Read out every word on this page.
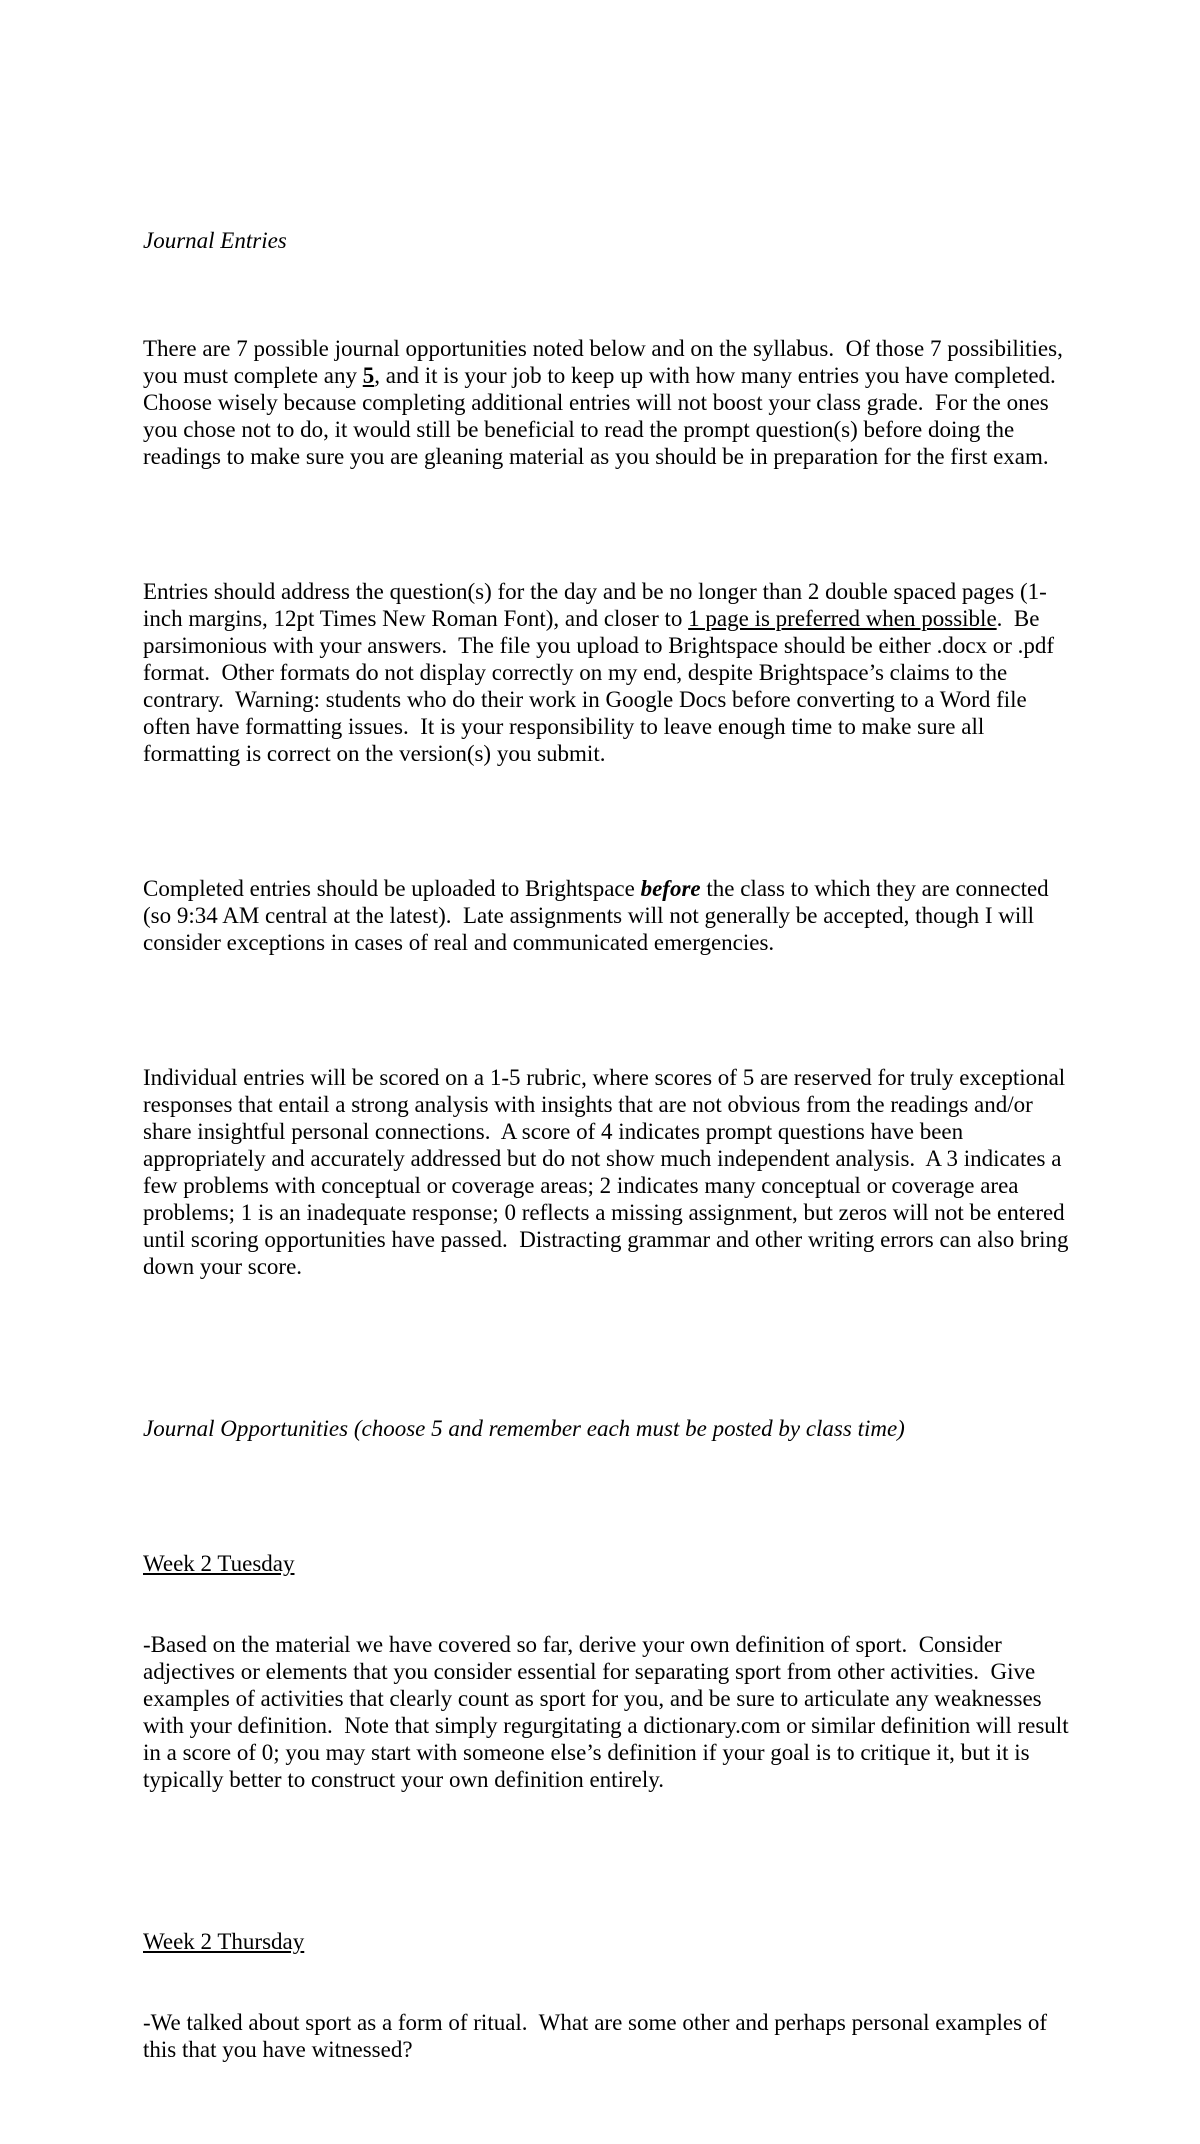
Journal Entries

There are 7 possible journal opportunities noted below and on the syllabus.  Of those 7 possibilities, you must complete any 5, and it is your job to keep up with how many entries you have completed.  Choose wisely because completing additional entries will not boost your class grade.  For the ones you chose not to do, it would still be beneficial to read the prompt question(s) before doing the readings to make sure you are gleaning material as you should be in preparation for the first exam.

Entries should address the question(s) for the day and be no longer than 2 double spaced pages (1-inch margins, 12pt Times New Roman Font), and closer to 1 page is preferred when possible.  Be parsimonious with your answers.  The file you upload to Brightspace should be either .docx or .pdf format.  Other formats do not display correctly on my end, despite Brightspace’s claims to the contrary.  Warning: students who do their work in Google Docs before converting to a Word file often have formatting issues.  It is your responsibility to leave enough time to make sure all formatting is correct on the version(s) you submit.

Completed entries should be uploaded to Brightspace before the class to which they are connected (so 9:34 AM central at the latest).  Late assignments will not generally be accepted, though I will consider exceptions in cases of real and communicated emergencies.

Individual entries will be scored on a 1-5 rubric, where scores of 5 are reserved for truly exceptional responses that entail a strong analysis with insights that are not obvious from the readings and/or share insightful personal connections.  A score of 4 indicates prompt questions have been appropriately and accurately addressed but do not show much independent analysis.  A 3 indicates a few problems with conceptual or coverage areas; 2 indicates many conceptual or coverage area problems; 1 is an inadequate response; 0 reflects a missing assignment, but zeros will not be entered until scoring opportunities have passed.  Distracting grammar and other writing errors can also bring down your score.

Journal Opportunities (choose 5 and remember each must be posted by class time)

Week 2 Tuesday

-Based on the material we have covered so far, derive your own definition of sport.  Consider adjectives or elements that you consider essential for separating sport from other activities.  Give examples of activities that clearly count as sport for you, and be sure to articulate any weaknesses with your definition.  Note that simply regurgitating a dictionary.com or similar definition will result in a score of 0; you may start with someone else’s definition if your goal is to critique it, but it is typically better to construct your own definition entirely.

Week 2 Thursday

-We talked about sport as a form of ritual.  What are some other and perhaps personal examples of this that you have witnessed?
